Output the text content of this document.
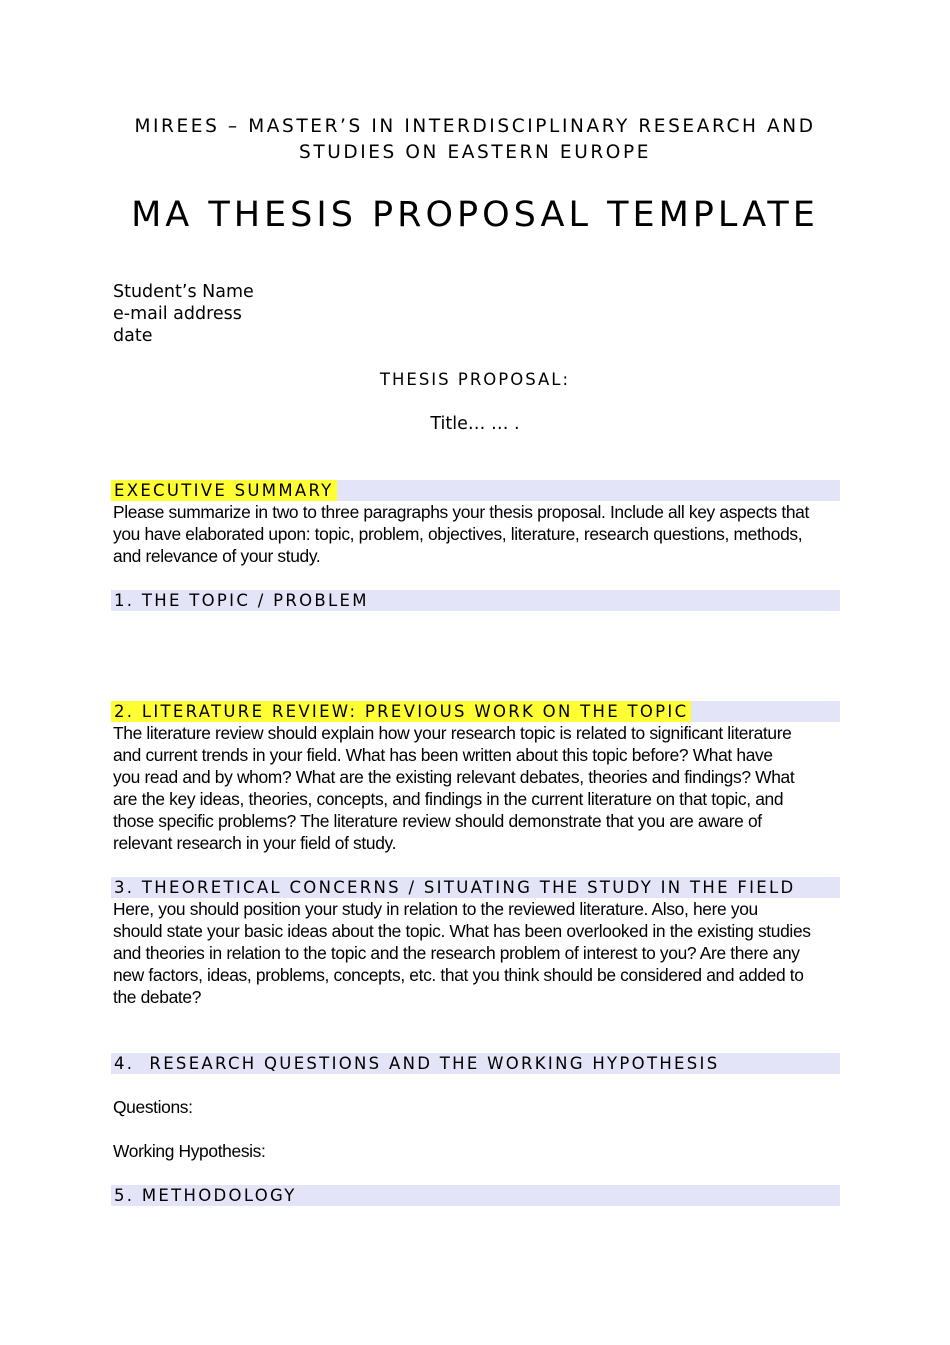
MIREES – MASTER’S IN INTERDISCIPLINARY RESEARCH AND
STUDIES ON EASTERN EUROPE
MA THESIS PROPOSAL TEMPLATE
Student’s Name
e-mail address
date
THESIS PROPOSAL:
Title… … .
EXECUTIVE SUMMARY
Please summarize in two to three paragraphs your thesis proposal. Include all key aspects that
you have elaborated upon: topic, problem, objectives, literature, research questions, methods,
and relevance of your study.
1. THE TOPIC / PROBLEM
2. LITERATURE REVIEW: PREVIOUS WORK ON THE TOPIC
The literature review should explain how your research topic is related to significant literature
and current trends in your field. What has been written about this topic before? What have
you read and by whom? What are the existing relevant debates, theories and findings? What
are the key ideas, theories, concepts, and findings in the current literature on that topic, and
those specific problems? The literature review should demonstrate that you are aware of
relevant research in your field of study.
3. THEORETICAL CONCERNS / SITUATING THE STUDY IN THE FIELD
Here, you should position your study in relation to the reviewed literature. Also, here you
should state your basic ideas about the topic. What has been overlooked in the existing studies
and theories in relation to the topic and the research problem of interest to you? Are there any
new factors, ideas, problems, concepts, etc. that you think should be considered and added to
the debate?
4.  RESEARCH QUESTIONS AND THE WORKING HYPOTHESIS
Questions:
Working Hypothesis:
5. METHODOLOGY
